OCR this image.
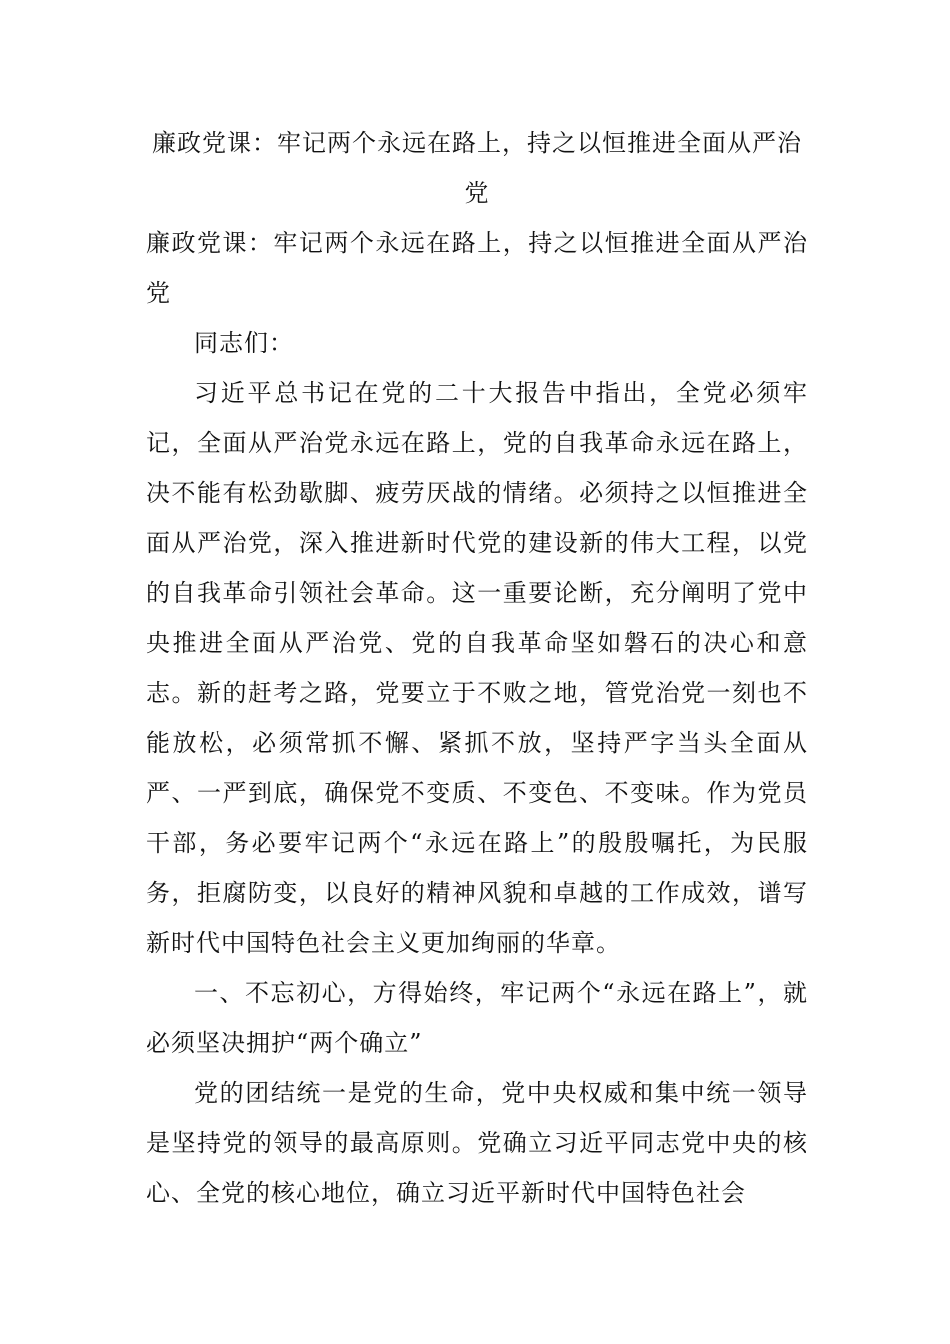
廉政党课：牢记两个永远在路上，持之以恒推进全面从严治党

廉政党课：牢记两个永远在路上，持之以恒推进全面从严治党

同志们：

习近平总书记在党的二十大报告中指出，全党必须牢记，全面从严治党永远在路上，党的自我革命永远在路上，决不能有松劲歇脚、疲劳厌战的情绪。必须持之以恒推进全面从严治党，深入推进新时代党的建设新的伟大工程，以党的自我革命引领社会革命。这一重要论断，充分阐明了党中央推进全面从严治党、党的自我革命坚如磐石的决心和意志。新的赶考之路，党要立于不败之地，管党治党一刻也不能放松，必须常抓不懈、紧抓不放，坚持严字当头全面从严、一严到底，确保党不变质、不变色、不变味。作为党员干部，务必要牢记两个“永远在路上”的殷殷嘱托，为民服务，拒腐防变，以良好的精神风貌和卓越的工作成效，谱写新时代中国特色社会主义更加绚丽的华章。

一、不忘初心，方得始终，牢记两个“永远在路上”，就必须坚决拥护“两个确立”

党的团结统一是党的生命，党中央权威和集中统一领导是坚持党的领导的最高原则。党确立习近平同志党中央的核心、全党的核心地位，确立习近平新时代中国特色社会
